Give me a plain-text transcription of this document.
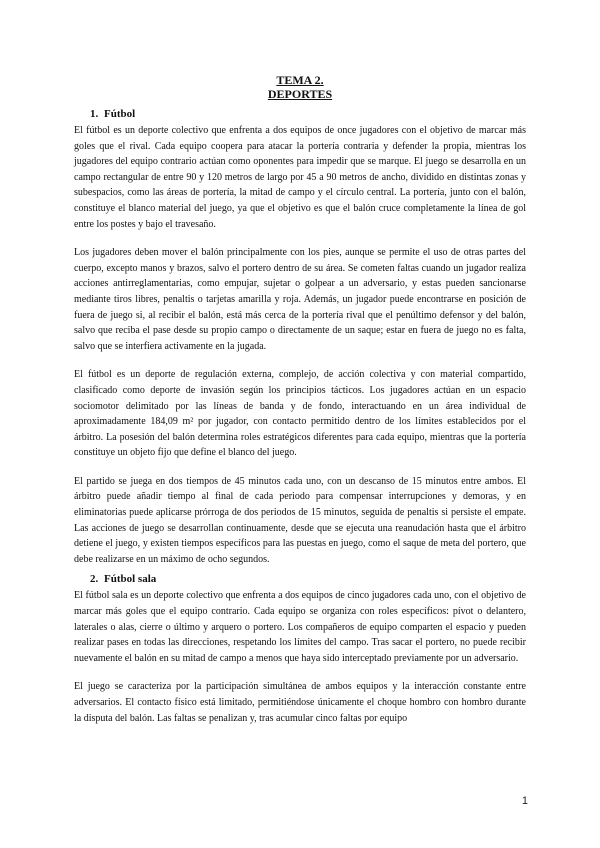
TEMA 2.
DEPORTES
1. Fútbol

El fútbol es un deporte colectivo que enfrenta a dos equipos de once jugadores con el objetivo de marcar más goles que el rival. Cada equipo coopera para atacar la portería contraria y defender la propia, mientras los jugadores del equipo contrario actúan como oponentes para impedir que se marque. El juego se desarrolla en un campo rectangular de entre 90 y 120 metros de largo por 45 a 90 metros de ancho, dividido en distintas zonas y subespacios, como las áreas de portería, la mitad de campo y el círculo central. La portería, junto con el balón, constituye el blanco material del juego, ya que el objetivo es que el balón cruce completamente la línea de gol entre los postes y bajo el travesaño.

Los jugadores deben mover el balón principalmente con los pies, aunque se permite el uso de otras partes del cuerpo, excepto manos y brazos, salvo el portero dentro de su área. Se cometen faltas cuando un jugador realiza acciones antirreglamentarias, como empujar, sujetar o golpear a un adversario, y estas pueden sancionarse mediante tiros libres, penaltis o tarjetas amarilla y roja. Además, un jugador puede encontrarse en posición de fuera de juego si, al recibir el balón, está más cerca de la portería rival que el penúltimo defensor y del balón, salvo que reciba el pase desde su propio campo o directamente de un saque; estar en fuera de juego no es falta, salvo que se interfiera activamente en la jugada.

El fútbol es un deporte de regulación externa, complejo, de acción colectiva y con material compartido, clasificado como deporte de invasión según los principios tácticos. Los jugadores actúan en un espacio sociomotor delimitado por las líneas de banda y de fondo, interactuando en un área individual de aproximadamente 184,09 m² por jugador, con contacto permitido dentro de los límites establecidos por el árbitro. La posesión del balón determina roles estratégicos diferentes para cada equipo, mientras que la portería constituye un objeto fijo que define el blanco del juego.

El partido se juega en dos tiempos de 45 minutos cada uno, con un descanso de 15 minutos entre ambos. El árbitro puede añadir tiempo al final de cada periodo para compensar interrupciones y demoras, y en eliminatorias puede aplicarse prórroga de dos periodos de 15 minutos, seguida de penaltis si persiste el empate. Las acciones de juego se desarrollan continuamente, desde que se ejecuta una reanudación hasta que el árbitro detiene el juego, y existen tiempos específicos para las puestas en juego, como el saque de meta del portero, que debe realizarse en un máximo de ocho segundos.

2. Fútbol sala

El fútbol sala es un deporte colectivo que enfrenta a dos equipos de cinco jugadores cada uno, con el objetivo de marcar más goles que el equipo contrario. Cada equipo se organiza con roles específicos: pívot o delantero, laterales o alas, cierre o último y arquero o portero. Los compañeros de equipo comparten el espacio y pueden realizar pases en todas las direcciones, respetando los límites del campo. Tras sacar el portero, no puede recibir nuevamente el balón en su mitad de campo a menos que haya sido interceptado previamente por un adversario.

El juego se caracteriza por la participación simultánea de ambos equipos y la interacción constante entre adversarios. El contacto físico está limitado, permitiéndose únicamente el choque hombro con hombro durante la disputa del balón. Las faltas se penalizan y, tras acumular cinco faltas por equipo

1
